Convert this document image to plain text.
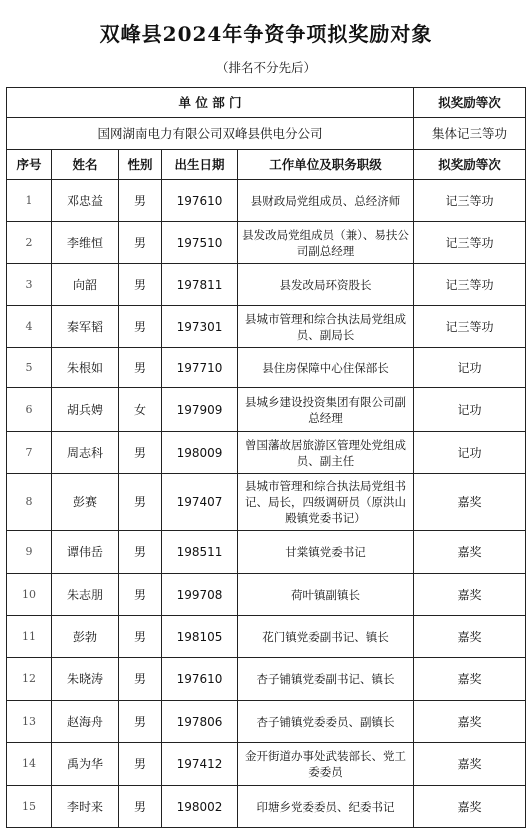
双峰县2024年争资争项拟奖励对象
（排名不分先后）
单 位 部 门					拟奖励等次
国网湖南电力有限公司双峰县供电分公司					集体记三等功
序号	姓名	性别	出生日期	工作单位及职务职级	拟奖励等次
1	邓忠益	男	197610	县财政局党组成员、总经济师	记三等功
2	李维恒	男	197510	县发改局党组成员（兼）、易扶公司副总经理	记三等功
3	向韶	男	197811	县发改局环资股长	记三等功
4	秦军韬	男	197301	县城市管理和综合执法局党组成员、副局长	记三等功
5	朱根如	男	197710	县住房保障中心住保部长	记功
6	胡兵娉	女	197909	县城乡建设投资集团有限公司副总经理	记功
7	周志科	男	198009	曾国藩故居旅游区管理处党组成员、副主任	记功
8	彭赛	男	197407	县城市管理和综合执法局党组书记、局长，四级调研员（原洪山殿镇党委书记）	嘉奖
9	谭伟岳	男	198511	甘棠镇党委书记	嘉奖
10	朱志朋	男	199708	荷叶镇副镇长	嘉奖
11	彭勃	男	198105	花门镇党委副书记、镇长	嘉奖
12	朱晓涛	男	197610	杏子铺镇党委副书记、镇长	嘉奖
13	赵海舟	男	197806	杏子铺镇党委委员、副镇长	嘉奖
14	禹为华	男	197412	金开街道办事处武装部长、党工委委员	嘉奖
15	李时来	男	198002	印塘乡党委委员、纪委书记	嘉奖
